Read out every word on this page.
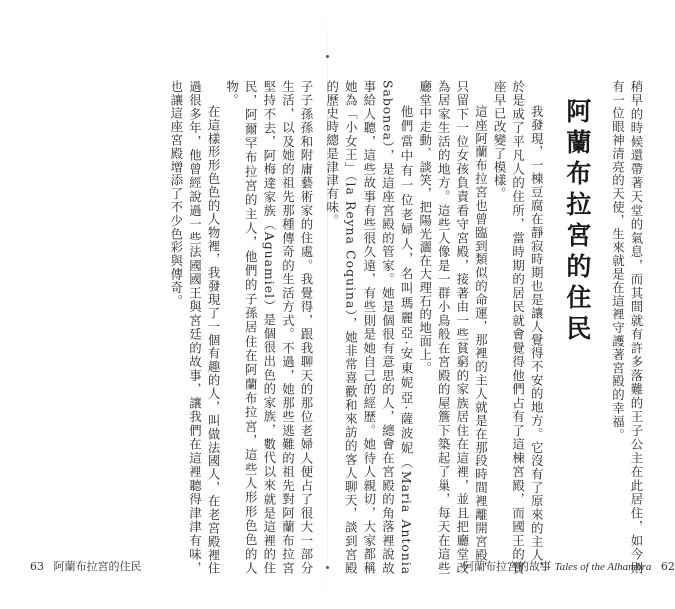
子子孫孫和附庸藝術家的住處。我覺得，跟我聊天的那位老婦人便占了很大一部分生活，以及她的祖先那種傳奇的生活方式。不過，她那些逃難的祖先對阿蘭布拉宮堅持不去，阿梅達家族（Aguamiel）是個很出色的家族，數代以來就是這裡的住民，阿爾罕布拉宮的主人，他們的子孫居住在阿蘭布拉宮，這些人形形色色的人物。

在這樣形形色色的人物裡，我發現了一個有趣的人，叫做法國人，在老宮殿裡住過很多年，他曾經說過一些法國國王與宮廷的故事，讓我們在這裡聽得津津有味，也讓這座宮殿增添了不少色彩與傳奇。

63 阿蘭布拉宮的住民	稍早的時候還帶著天堂的氣息，而其間就有許多落難的王子公主在此居住，如今則有一位眼神清亮的天使，生來就是在這裡守護著宮殿的幸福。

阿蘭布拉宮的住民

我發現，一棟豆腐在靜寂時期也是讓人覺得不安的地方。它沒有了原來的主人，於是成了平凡人的住所，當時期的居民就會覺得他們占有了這棟宮殿，而國王的寶座早已改變了模樣。

這座阿蘭布拉宮也曾臨到類似的命運，那裡的主人就是在那段時間裡離開宮殿，只留下一位女孩負責看守宮殿，接著由一些貧窮的家族居住在這裡，並且把廳堂改為居家生活的地方。這些人像是一群小鳥般在宮殿的屋簷下築起了巢，每天在這些廳堂中走動、談笑，把陽光灑在大理石的地面上。

他們當中有一位老婦人，名叫瑪麗亞·安東妮亞·薩波妮（Maria Antonia Sabonea），是這座宮殿的管家。她是個很有意思的人，總會在宮殿的角落裡說故事給人聽，這些故事有些很久遠，有些則是她自己的經歷。她待人親切，大家都稱她為「小女王」（la Reyna Coquina），她非常喜歡和來訪的客人聊天，談到宮殿的歷史時總是津津有味。

阿蘭布拉宮的故事 Tales of the Alhambra 62
